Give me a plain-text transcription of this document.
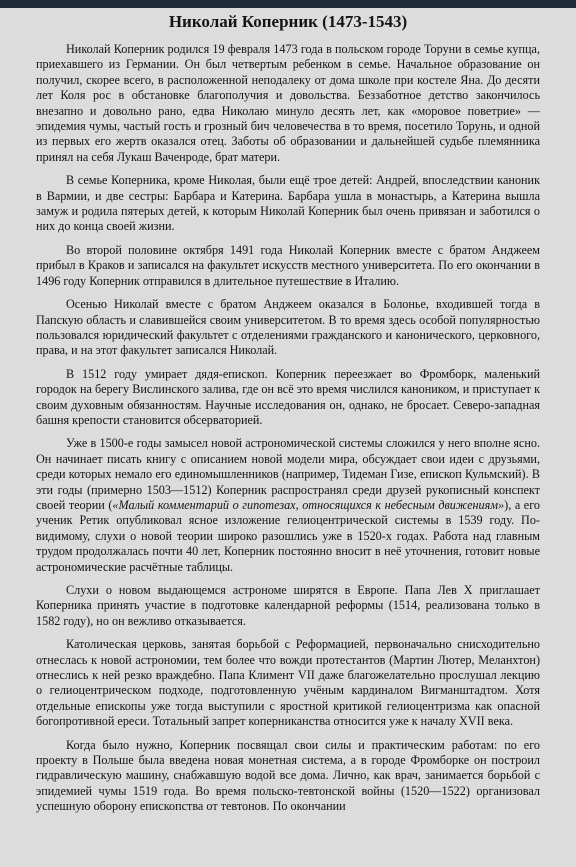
Николай Коперник (1473-1543)

Николай Коперник родился 19 февраля 1473 года в польском городе Торуни в семье купца, приехавшего из Германии. Он был четвертым ребенком в семье. Начальное образование он получил, скорее всего, в расположенной неподалеку от дома школе при костеле Яна. До десяти лет Коля рос в обстановке благополучия и довольства. Беззаботное детство закончилось внезапно и довольно рано, едва Николаю минуло десять лет, как «моровое поветрие» — эпидемия чумы, частый гость и грозный бич человечества в то время, посетило Торунь, и одной из первых его жертв оказался отец. Заботы об образовании и дальнейшей судьбе племянника принял на себя Лукаш Ваченроде, брат матери.

В семье Коперника, кроме Николая, были ещё трое детей: Андрей, впоследствии каноник в Вармии, и две сестры: Барбара и Катерина. Барбара ушла в монастырь, а Катерина вышла замуж и родила пятерых детей, к которым Николай Коперник был очень привязан и заботился о них до конца своей жизни.

Во второй половине октября 1491 года Николай Коперник вместе с братом Анджеем прибыл в Краков и записался на факультет искусств местного университета. По его окончании в 1496 году Коперник отправился в длительное путешествие в Италию.

Осенью Николай вместе с братом Анджеем оказался в Болонье, входившей тогда в Папскую область и славившейся своим университетом. В то время здесь особой популярностью пользовался юридический факультет с отделениями гражданского и канонического, церковного, права, и на этот факультет записался Николай.

В 1512 году умирает дядя-епископ. Коперник переезжает во Фромборк, маленький городок на берегу Вислинского залива, где он всё это время числился каноником, и приступает к своим духовным обязанностям. Научные исследования он, однако, не бросает. Северо-западная башня крепости становится обсерваторией.

Уже в 1500-е годы замысел новой астрономической системы сложился у него вполне ясно. Он начинает писать книгу с описанием новой модели мира, обсуждает свои идеи с друзьями, среди которых немало его единомышленников (например, Тидеман Гизе, епископ Кульмский). В эти годы (примерно 1503—1512) Коперник распространял среди друзей рукописный конспект своей теории («Малый комментарий о гипотезах, относящихся к небесным движениям»), а его ученик Ретик опубликовал ясное изложение гелиоцентрической системы в 1539 году. По-видимому, слухи о новой теории широко разошлись уже в 1520-х годах. Работа над главным трудом продолжалась почти 40 лет, Коперник постоянно вносит в неё уточнения, готовит новые астрономические расчётные таблицы.

Слухи о новом выдающемся астрономе ширятся в Европе. Папа Лев X приглашает Коперника принять участие в подготовке календарной реформы (1514, реализована только в 1582 году), но он вежливо отказывается.

Католическая церковь, занятая борьбой с Реформацией, первоначально снисходительно отнеслась к новой астрономии, тем более что вожди протестантов (Мартин Лютер, Меланхтон) отнеслись к ней резко враждебно. Папа Климент VII даже благожелательно прослушал лекцию о гелиоцентрическом подходе, подготовленную учёным кардиналом Вигманштадтом. Хотя отдельные епископы уже тогда выступили с яростной критикой гелиоцентризма как опасной богопротивной ереси. Тотальный запрет коперниканства относится уже к началу XVII века.

Когда было нужно, Коперник посвящал свои силы и практическим работам: по его проекту в Польше была введена новая монетная система, а в городе Фромборке он построил гидравлическую машину, снабжавшую водой все дома. Лично, как врач, занимается борьбой с эпидемией чумы 1519 года. Во время польско-тевтонской войны (1520—1522) организовал успешную оборону епископства от тевтонов. По окончании
